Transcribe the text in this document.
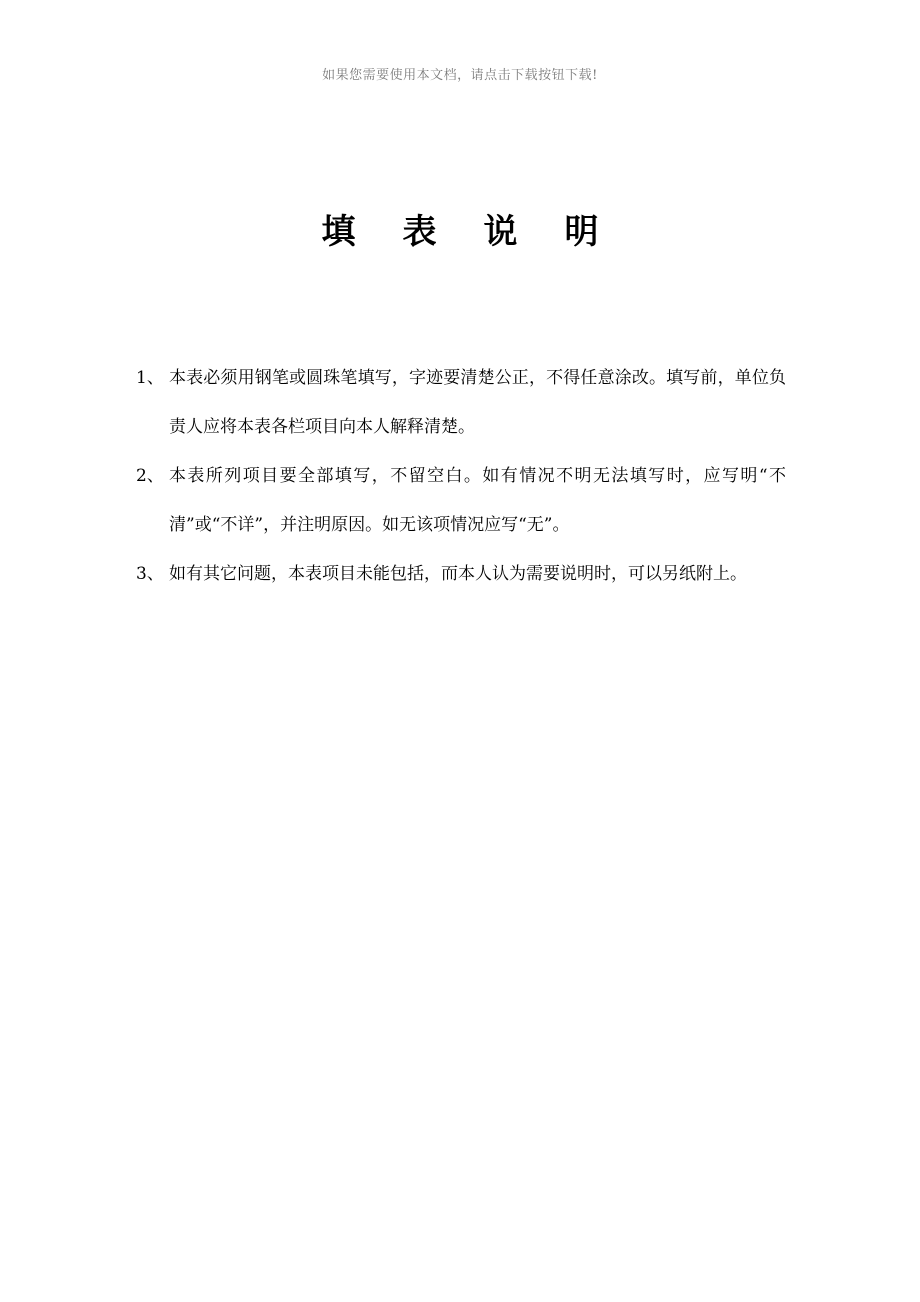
如果您需要使用本文档，请点击下载按钮下载!
填表说明
1、 本表必须用钢笔或圆珠笔填写，字迹要清楚公正，不得任意涂改。填写前，单位负责人应将本表各栏项目向本人解释清楚。
2、 本表所列项目要全部填写，不留空白。如有情况不明无法填写时，应写明“不清”或“不详”，并注明原因。如无该项情况应写“无”。
3、 如有其它问题，本表项目未能包括，而本人认为需要说明时，可以另纸附上。
